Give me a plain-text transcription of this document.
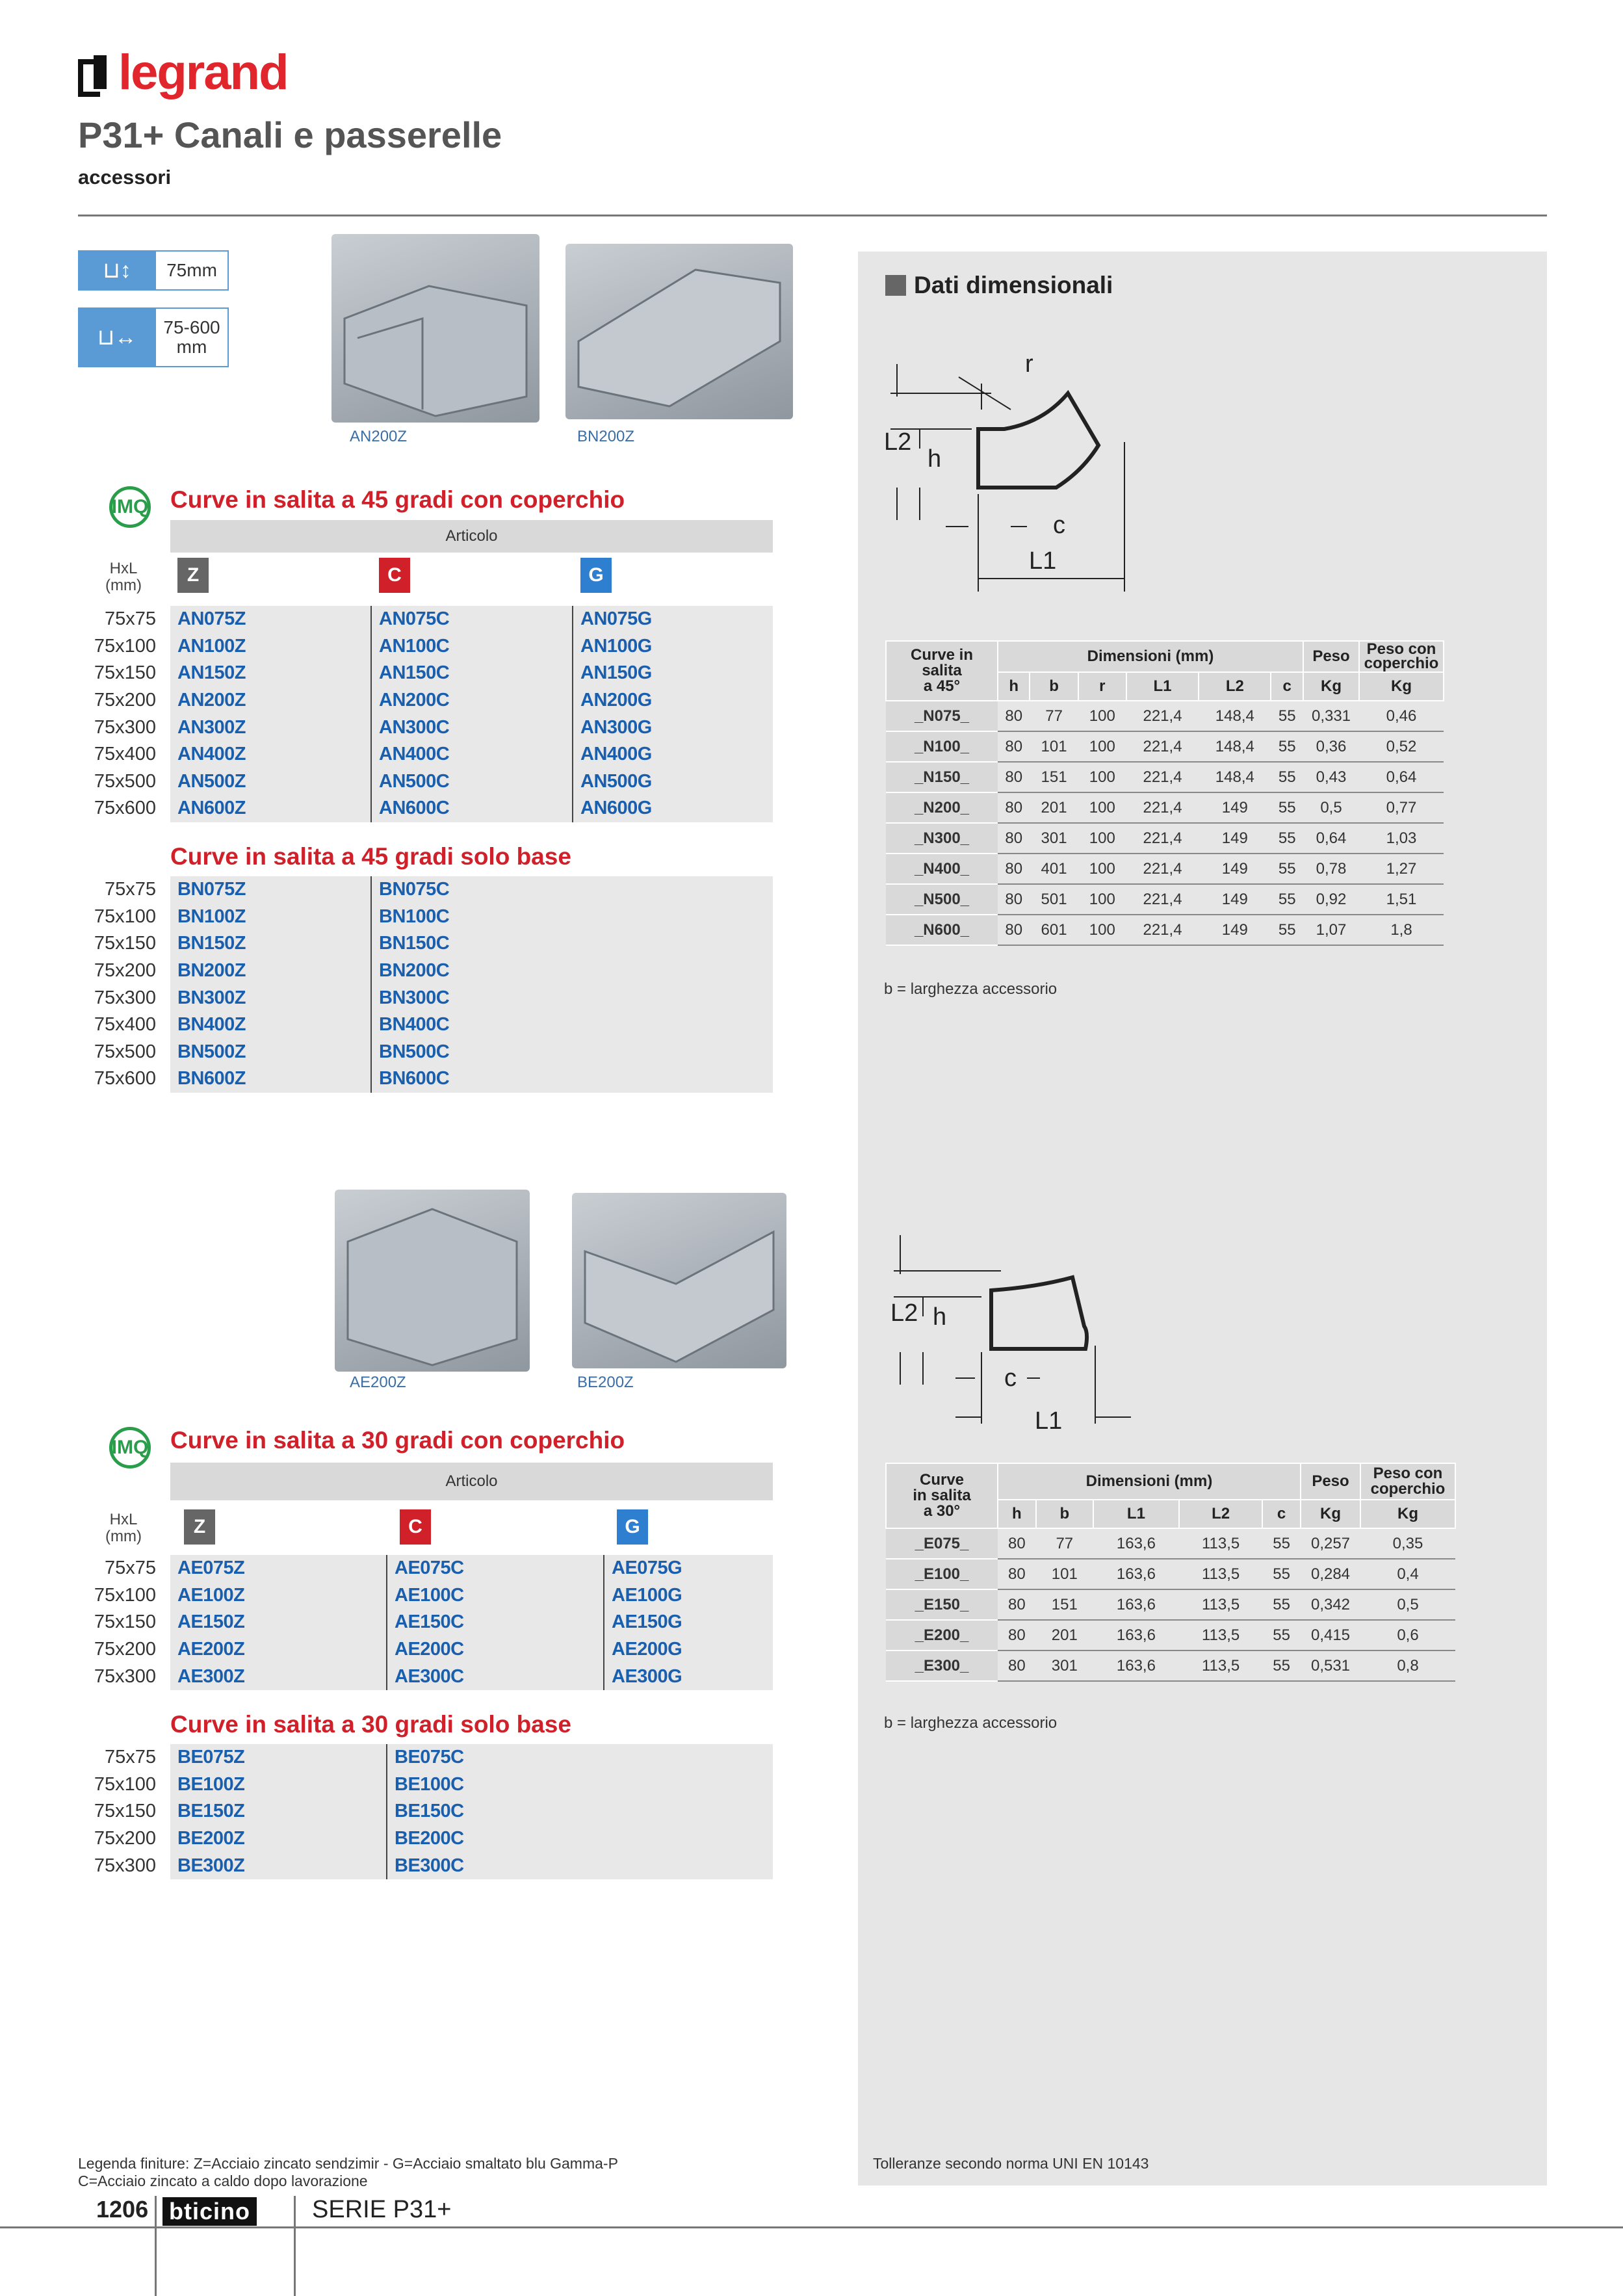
legrand
P31+ Canali e passerelle
accessori
⊔↕	75mm
⊔↔	75-600
mm
AN200Z	BN200Z
IMQ Curve in salita a 45 gradi con coperchio
Articolo
HxL
(mm)	Z	C	G
75x75 AN075Z	AN075C	AN075G
75x100 AN100Z	AN100C	AN100G
75x150 AN150Z	AN150C	AN150G
75x200 AN200Z	AN200C	AN200G
75x300 AN300Z	AN300C	AN300G
75x400 AN400Z	AN400C	AN400G
75x500 AN500Z	AN500C	AN500G
75x600 AN600Z	AN600C	AN600G
Curve in salita a 45 gradi solo base
75x75 BN075Z	BN075C
75x100 BN100Z	BN100C
75x150 BN150Z	BN150C
75x200 BN200Z	BN200C
75x300 BN300Z	BN300C
75x400 BN400Z	BN400C
75x500 BN500Z	BN500C
75x600 BN600Z	BN600C
AE200Z	BE200Z
IMQ Curve in salita a 30 gradi con coperchio
Articolo
HxL
(mm)	Z	C	G
75x75 AE075Z	AE075C	AE075G
75x100 AE100Z	AE100C	AE100G
75x150 AE150Z	AE150C	AE150G
75x200 AE200Z	AE200C	AE200G
75x300 AE300Z	AE300C	AE300G
Curve in salita a 30 gradi solo base
75x75 BE075Z	BE075C
75x100 BE100Z	BE100C
75x150 BE150Z	BE150C
75x200 BE200Z	BE200C
75x300 BE300Z	BE300C
Dati dimensionali
r
L2
h
c
L1
Curve in
salita
a 45°	Dimensioni (mm)						Peso	Peso con
coperchio
	h	b	r	L1	L2	c	Kg	Kg
_N075_	80	77	100	221,4	148,4	55	0,331	0,46
_N100_	80	101	100	221,4	148,4	55	0,36	0,52
_N150_	80	151	100	221,4	148,4	55	0,43	0,64
_N200_	80	201	100	221,4	149	55	0,5	0,77
_N300_	80	301	100	221,4	149	55	0,64	1,03
_N400_	80	401	100	221,4	149	55	0,78	1,27
_N500_	80	501	100	221,4	149	55	0,92	1,51
_N600_	80	601	100	221,4	149	55	1,07	1,8
b = larghezza accessorio
L2 h
c
L1
Curve
in salita
a 30°	Dimensioni (mm)					Peso	Peso con
coperchio
	h	b	L1	L2	c	Kg	Kg
_E075_	80	77	163,6	113,5	55	0,257	0,35
_E100_	80	101	163,6	113,5	55	0,284	0,4
_E150_	80	151	163,6	113,5	55	0,342	0,5
_E200_	80	201	163,6	113,5	55	0,415	0,6
_E300_	80	301	163,6	113,5	55	0,531	0,8
b = larghezza accessorio
Tolleranze secondo norma UNI EN 10143
Legenda finiture: Z=Acciaio zincato sendzimir - G=Acciaio smaltato blu Gamma-P
C=Acciaio zincato a caldo dopo lavorazione
1206 bticino	SERIE P31+
